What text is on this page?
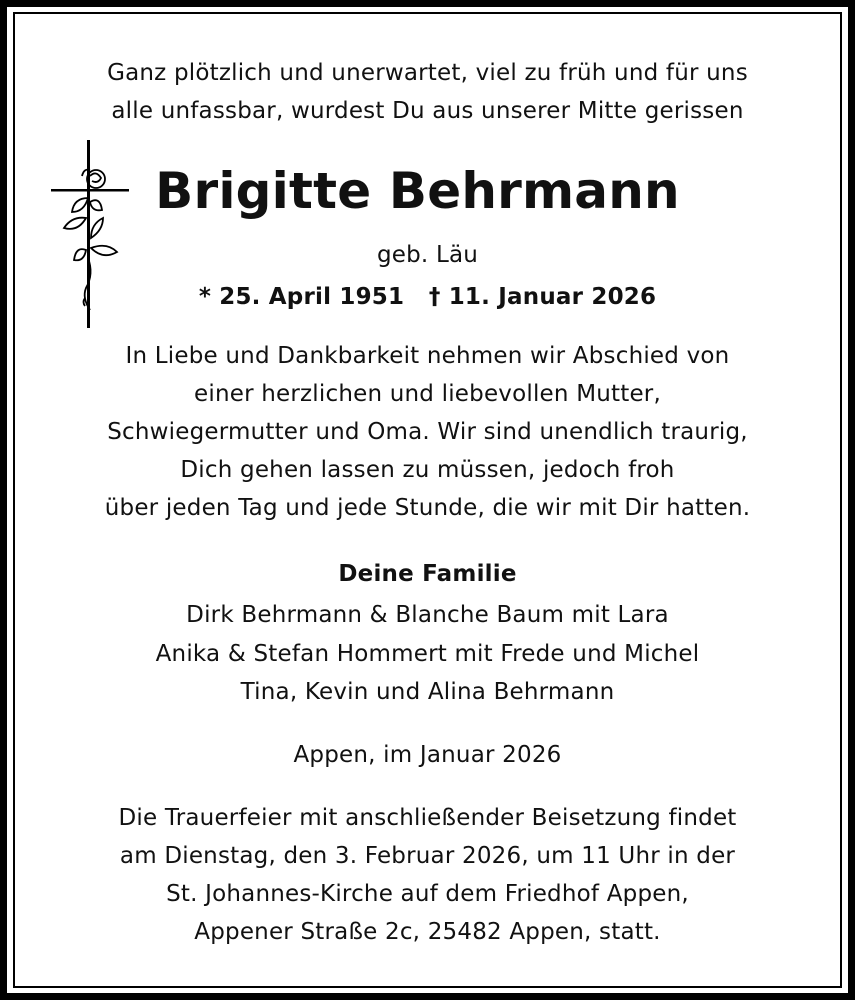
Ganz plötzlich und unerwartet, viel zu früh und für uns
alle unfassbar, wurdest Du aus unserer Mitte gerissen
Brigitte Behrmann
geb. Läu
* 25. April 1951   † 11. Januar 2026
In Liebe und Dankbarkeit nehmen wir Abschied von
einer herzlichen und liebevollen Mutter,
Schwiegermutter und Oma. Wir sind unendlich traurig,
Dich gehen lassen zu müssen, jedoch froh
über jeden Tag und jede Stunde, die wir mit Dir hatten.
Deine Familie
Dirk Behrmann & Blanche Baum mit Lara
Anika & Stefan Hommert mit Frede und Michel
Tina, Kevin und Alina Behrmann
Appen, im Januar 2026
Die Trauerfeier mit anschließender Beisetzung findet
am Dienstag, den 3. Februar 2026, um 11 Uhr in der
St. Johannes-Kirche auf dem Friedhof Appen,
Appener Straße 2c, 25482 Appen, statt.
